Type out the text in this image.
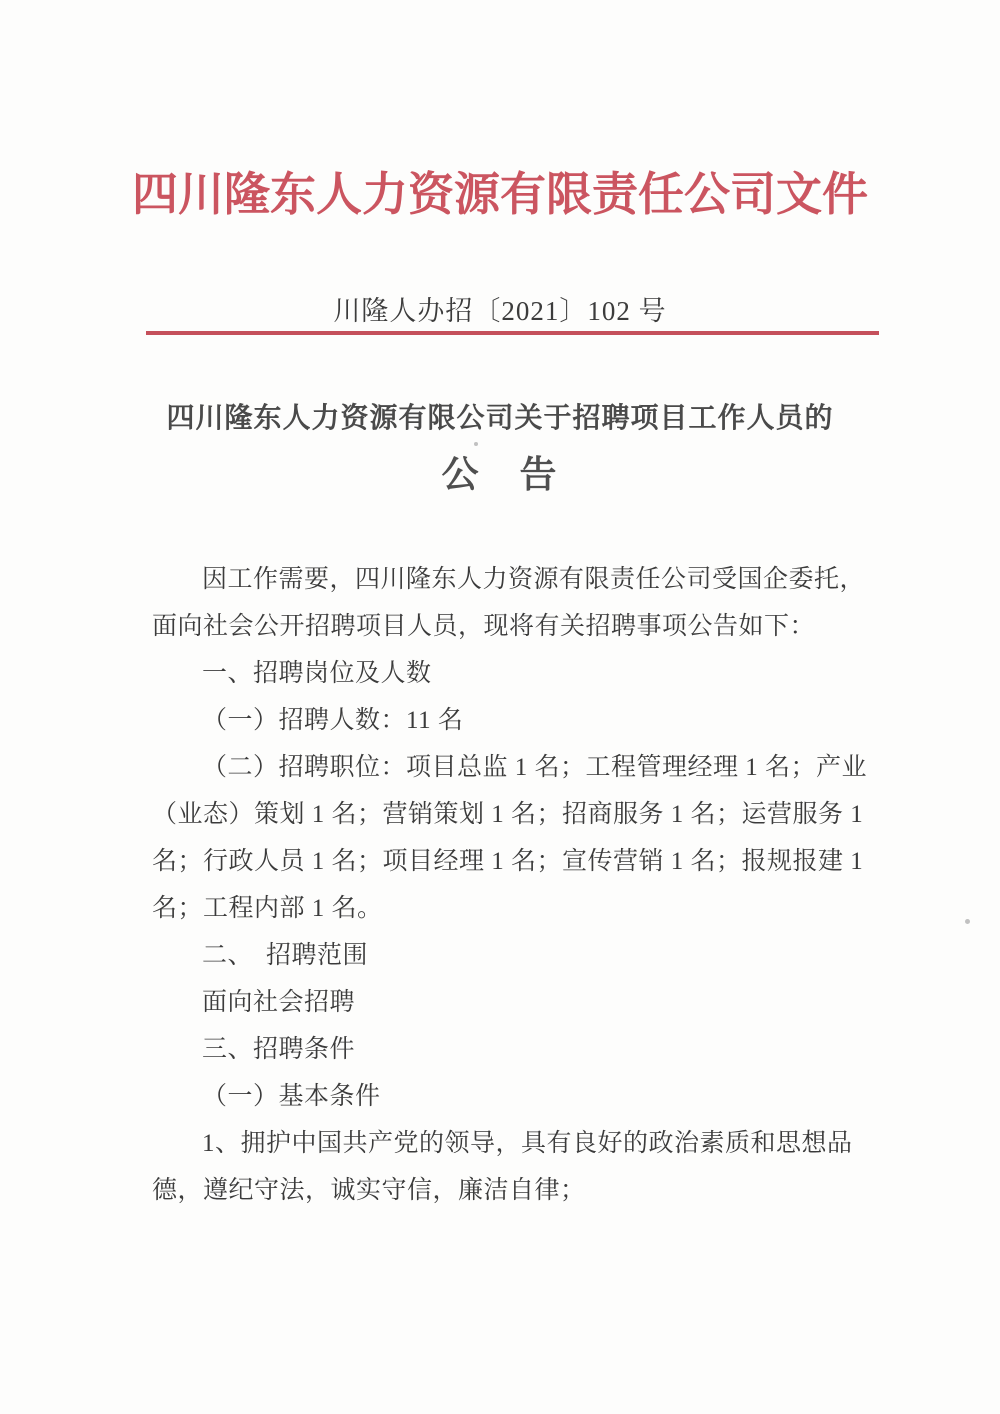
四川隆东人力资源有限责任公司文件
川隆人办招〔2021〕102 号
四川隆东人力资源有限公司关于招聘项目工作人员的
公　告
因工作需要，四川隆东人力资源有限责任公司受国企委托，
面向社会公开招聘项目人员，现将有关招聘事项公告如下：
一、招聘岗位及人数
（一）招聘人数：11 名
（二）招聘职位：项目总监 1 名；工程管理经理 1 名；产业
（业态）策划 1 名；营销策划 1 名；招商服务 1 名；运营服务 1
名；行政人员 1 名；项目经理 1 名；宣传营销 1 名；报规报建 1
名；工程内部 1 名。
二、　招聘范围
面向社会招聘
三、招聘条件
（一）基本条件
1、拥护中国共产党的领导，具有良好的政治素质和思想品
德，遵纪守法，诚实守信，廉洁自律；
